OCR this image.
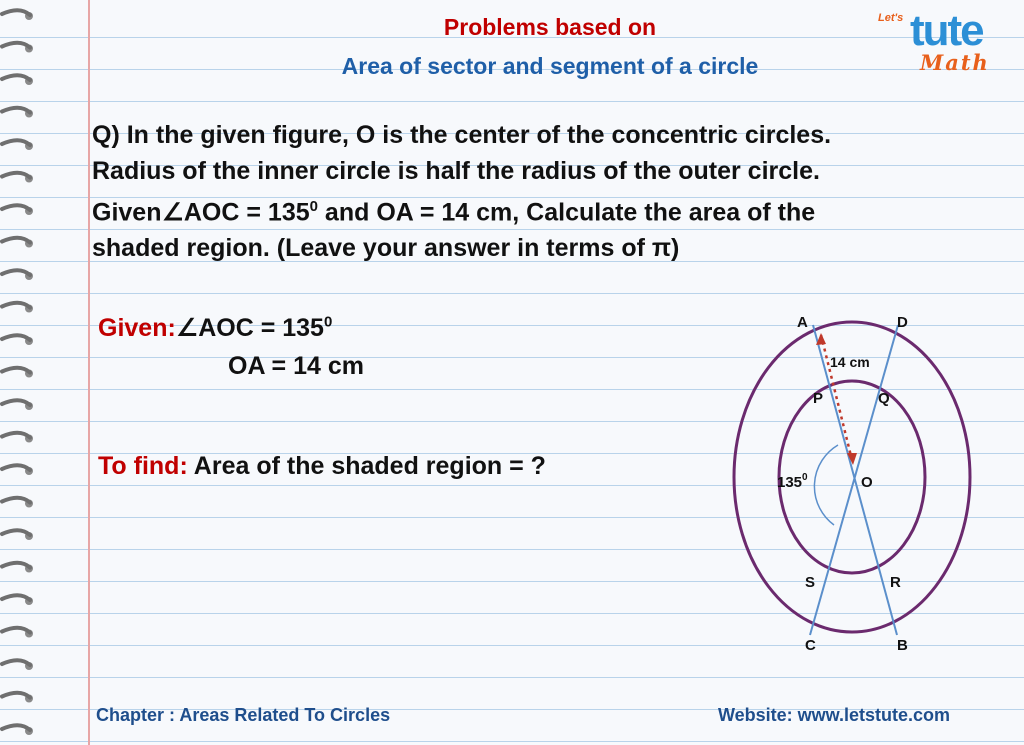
Problems based on
Area of sector and segment of a circle
Let's tute
Math

Q) In the given figure, O is the center of the concentric circles.
Radius of the inner circle is half the radius of the outer circle.
Given∠AOC = $135^0$ and OA = 14 cm, Calculate the area of the
shaded region. (Leave your answer in terms of π)

Given:∠AOC = $135^0$
OA = 14 cm
To find: Area of the shaded region = ?
A	D
14 cm
P	Q
$135^0$	O
S	R
C	B
Chapter : Areas Related To Circles	Website: www.letstute.com
